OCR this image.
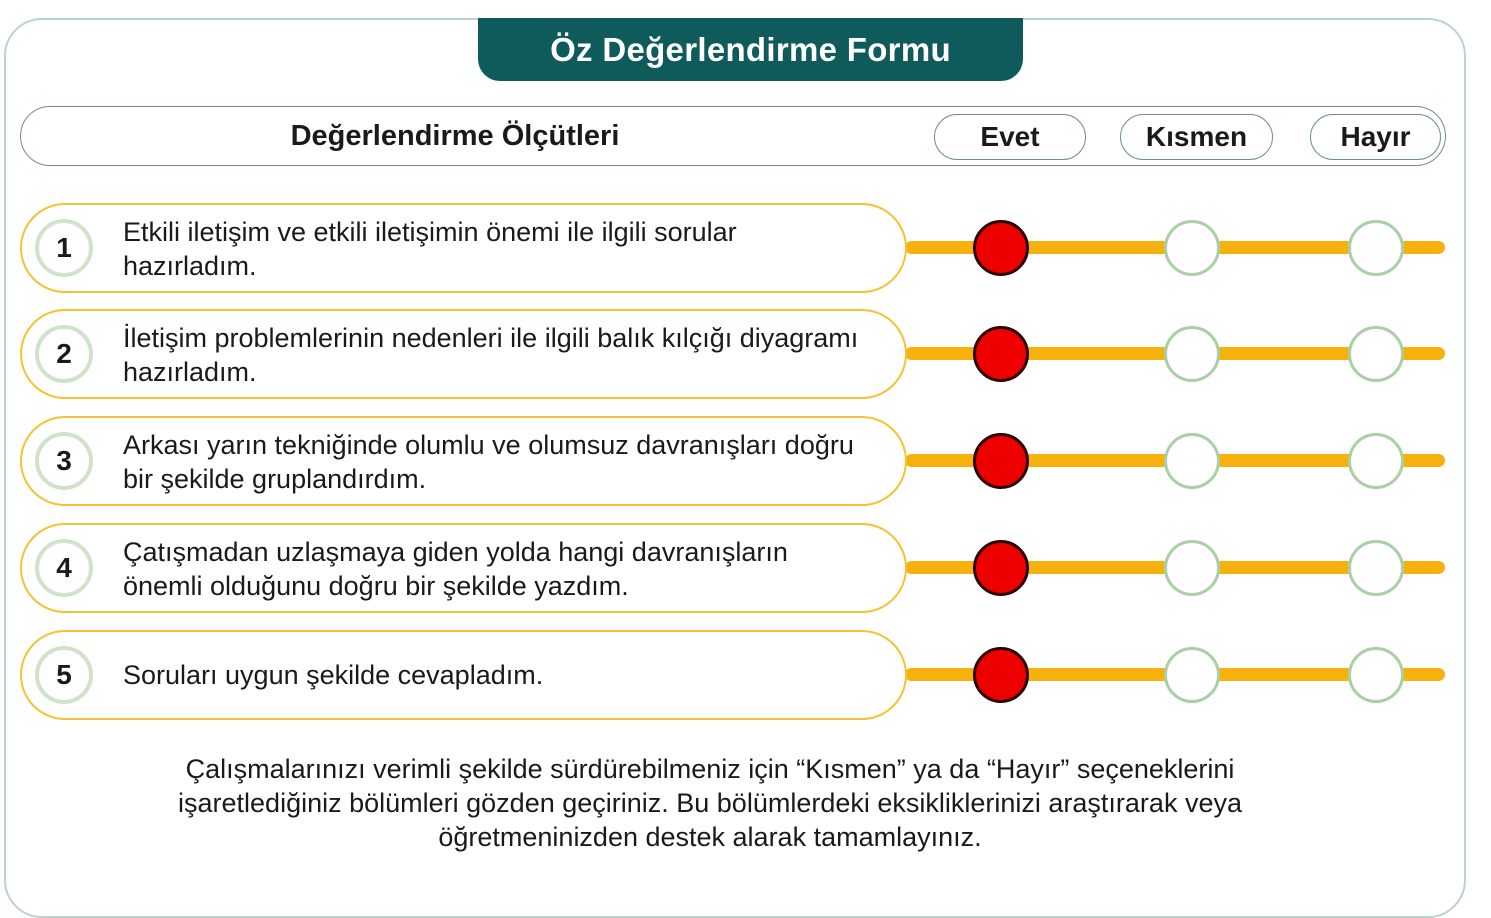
Öz Değerlendirme Formu
Değerlendirme Ölçütleri	Evet	Kısmen	Hayır
1	Etkili iletişim ve etkili iletişimin önemi ile ilgili sorular
hazırladım.
2	İletişim problemlerinin nedenleri ile ilgili balık kılçığı diyagramı
hazırladım.
3	Arkası yarın tekniğinde olumlu ve olumsuz davranışları doğru
bir şekilde gruplandırdım.
4	Çatışmadan uzlaşmaya giden yolda hangi davranışların
önemli olduğunu doğru bir şekilde yazdım.
5	Soruları uygun şekilde cevapladım.
Çalışmalarınızı verimli şekilde sürdürebilmeniz için “Kısmen” ya da “Hayır” seçeneklerini
işaretlediğiniz bölümleri gözden geçiriniz. Bu bölümlerdeki eksikliklerinizi araştırarak veya
öğretmeninizden destek alarak tamamlayınız.
